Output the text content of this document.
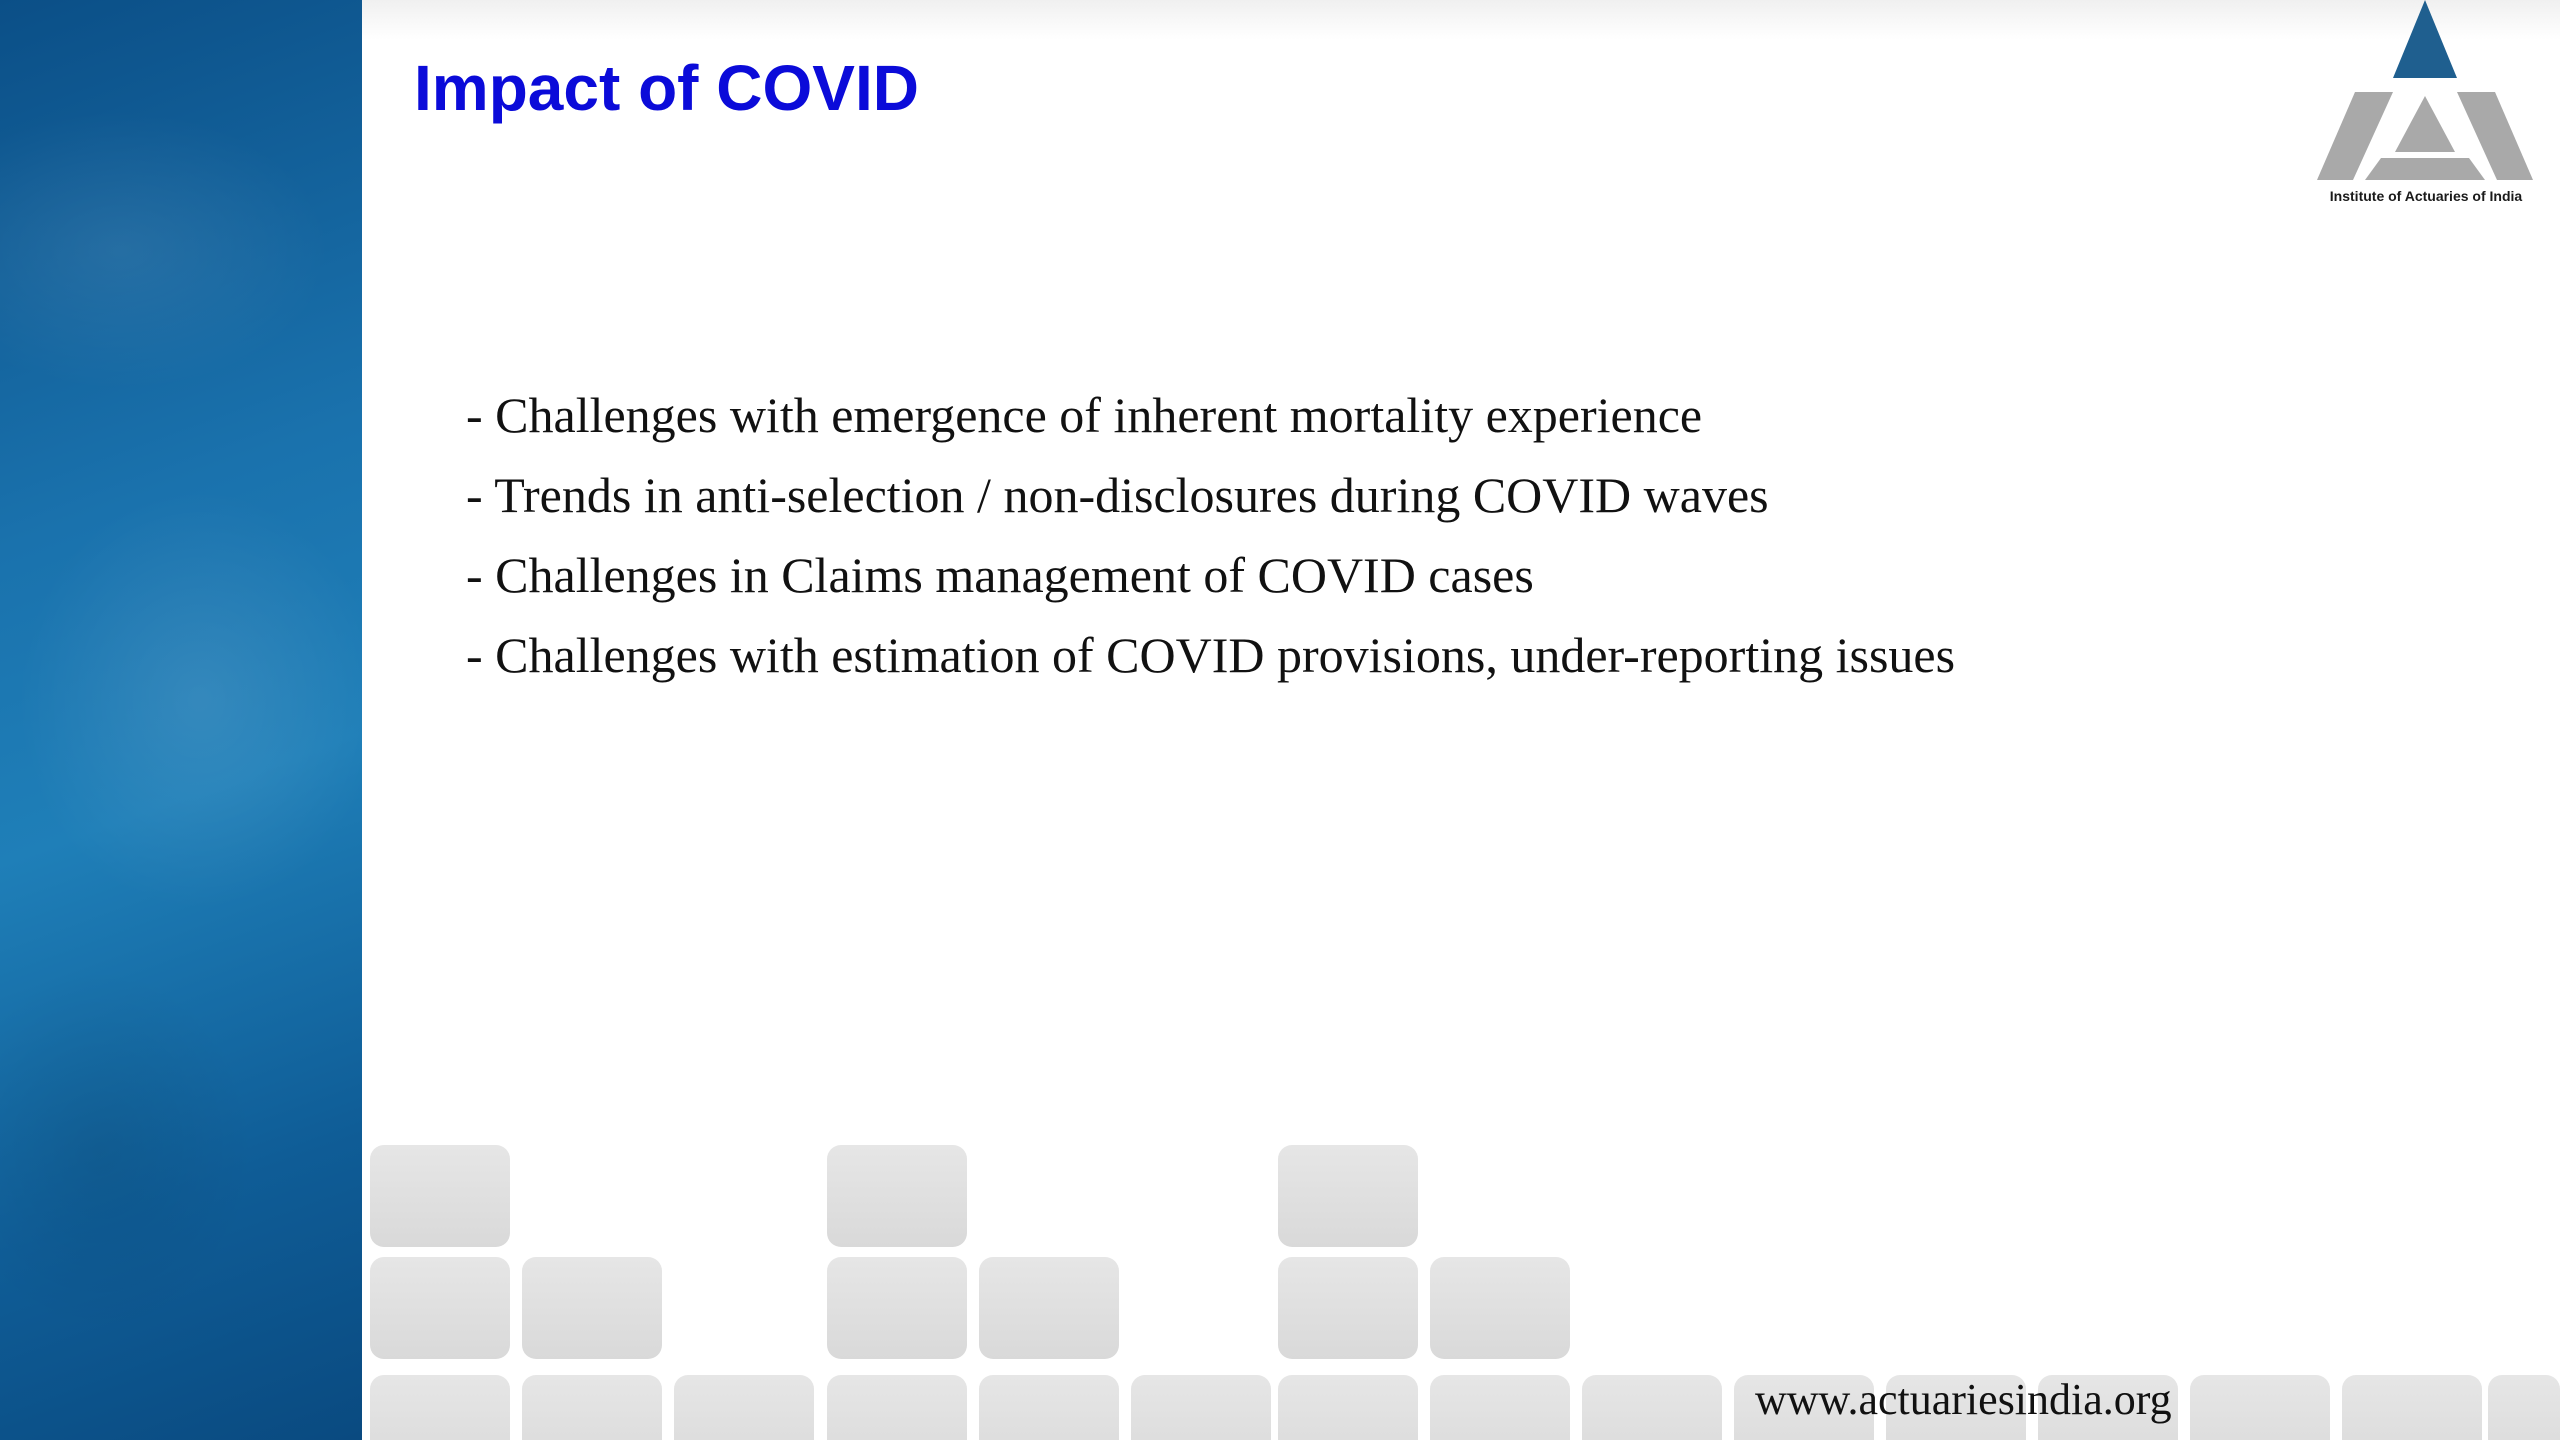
Impact of COVID
Institute of Actuaries of India
- Challenges with emergence of inherent mortality experience
- Trends in anti-selection / non-disclosures during COVID waves
- Challenges in Claims management of COVID cases
- Challenges with estimation of COVID provisions, under-reporting issues
www.actuariesindia.org
